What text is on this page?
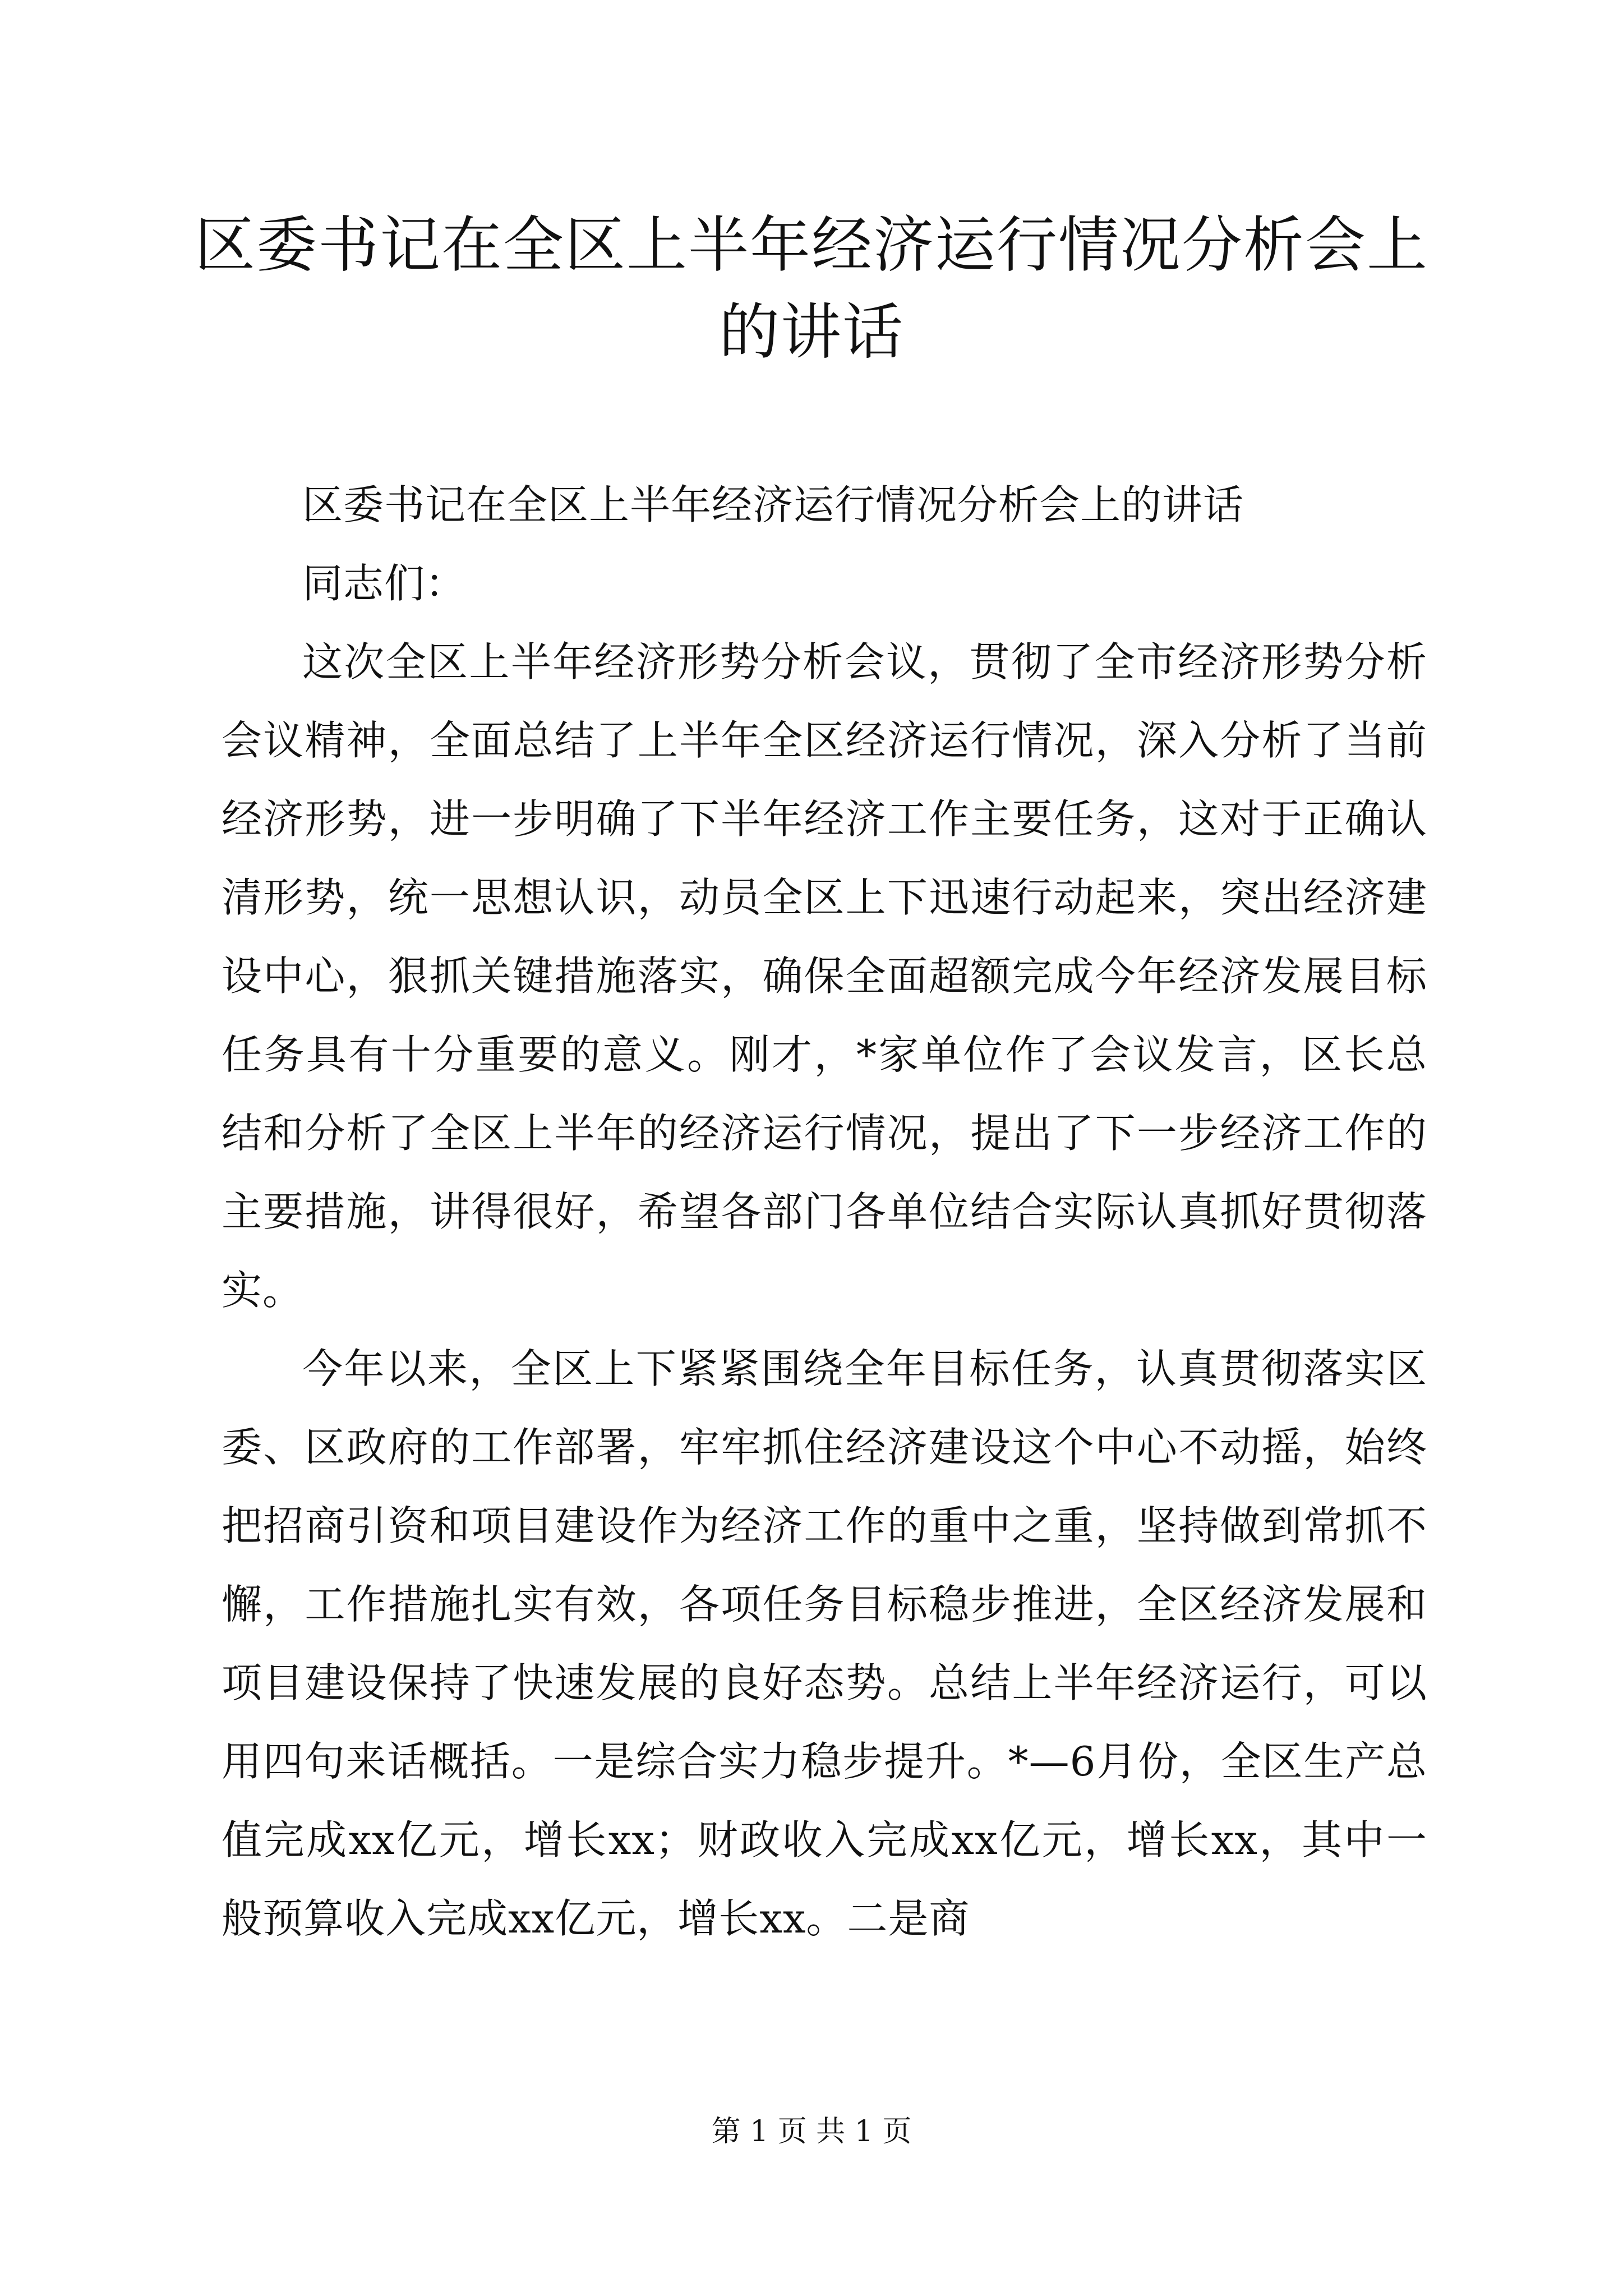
区委书记在全区上半年经济运行情况分析会上的讲话

区委书记在全区上半年经济运行情况分析会上的讲话

同志们：

这次全区上半年经济形势分析会议，贯彻了全市经济形势分析会议精神，全面总结了上半年全区经济运行情况，深入分析了当前经济形势，进一步明确了下半年经济工作主要任务，这对于正确认清形势，统一思想认识，动员全区上下迅速行动起来，突出经济建设中心，狠抓关键措施落实，确保全面超额完成今年经济发展目标任务具有十分重要的意义。刚才，*家单位作了会议发言，区长总结和分析了全区上半年的经济运行情况，提出了下一步经济工作的主要措施，讲得很好，希望各部门各单位结合实际认真抓好贯彻落实。

今年以来，全区上下紧紧围绕全年目标任务，认真贯彻落实区委、区政府的工作部署，牢牢抓住经济建设这个中心不动摇，始终把招商引资和项目建设作为经济工作的重中之重，坚持做到常抓不懈，工作措施扎实有效，各项任务目标稳步推进，全区经济发展和项目建设保持了快速发展的良好态势。总结上半年经济运行，可以用四句来话概括。一是综合实力稳步提升。*—6月份，全区生产总值完成xx亿元，增长xx；财政收入完成xx亿元，增长xx，其中一般预算收入完成xx亿元，增长xx。二是商

第 1 页 共 1 页
